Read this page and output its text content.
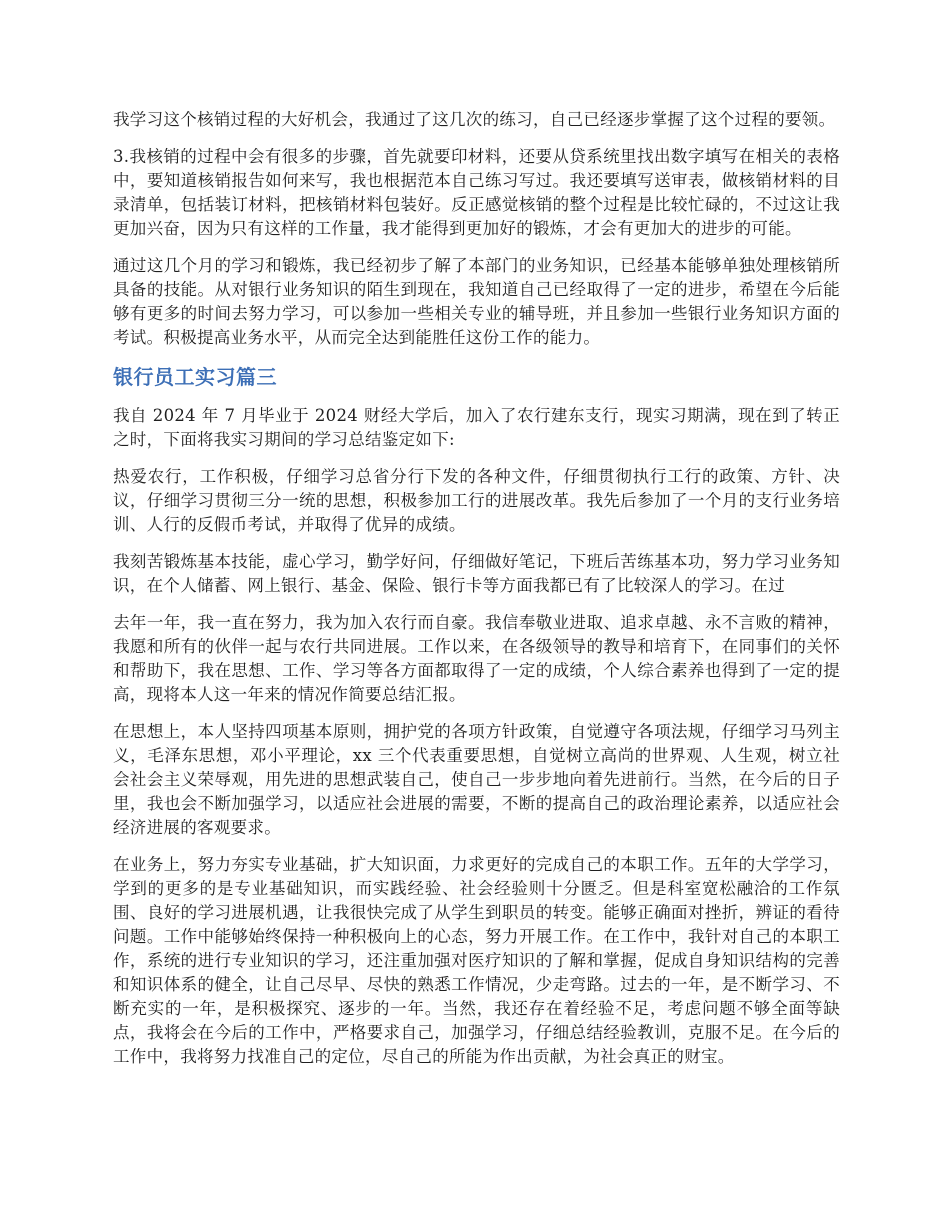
我学习这个核销过程的大好机会，我通过了这几次的练习，自己已经逐步掌握了这个过程的要领。

3.我核销的过程中会有很多的步骤，首先就要印材料，还要从贷系统里找出数字填写在相关的表格中，要知道核销报告如何来写，我也根据范本自己练习写过。我还要填写送审表，做核销材料的目录清单，包括装订材料，把核销材料包装好。反正感觉核销的整个过程是比较忙碌的，不过这让我更加兴奋，因为只有这样的工作量，我才能得到更加好的锻炼，才会有更加大的进步的可能。

通过这几个月的学习和锻炼，我已经初步了解了本部门的业务知识，已经基本能够单独处理核销所具备的技能。从对银行业务知识的陌生到现在，我知道自己已经取得了一定的进步，希望在今后能够有更多的时间去努力学习，可以参加一些相关专业的辅导班，并且参加一些银行业务知识方面的考试。积极提高业务水平，从而完全达到能胜任这份工作的能力。

银行员工实习篇三

我自 2024 年 7 月毕业于 2024 财经大学后，加入了农行建东支行，现实习期满，现在到了转正之时，下面将我实习期间的学习总结鉴定如下:

热爱农行，工作积极，仔细学习总省分行下发的各种文件，仔细贯彻执行工行的政策、方针、决议，仔细学习贯彻三分一统的思想，积极参加工行的进展改革。我先后参加了一个月的支行业务培训、人行的反假币考试，并取得了优异的成绩。

我刻苦锻炼基本技能，虚心学习，勤学好问，仔细做好笔记，下班后苦练基本功，努力学习业务知识，在个人储蓄、网上银行、基金、保险、银行卡等方面我都已有了比较深人的学习。在过

去年一年，我一直在努力，我为加入农行而自豪。我信奉敬业进取、追求卓越、永不言败的精神，我愿和所有的伙伴一起与农行共同进展。工作以来，在各级领导的教导和培育下，在同事们的关怀和帮助下，我在思想、工作、学习等各方面都取得了一定的成绩，个人综合素养也得到了一定的提高，现将本人这一年来的情况作简要总结汇报。

在思想上，本人坚持四项基本原则，拥护党的各项方针政策，自觉遵守各项法规，仔细学习马列主义，毛泽东思想，邓小平理论，xx 三个代表重要思想，自觉树立高尚的世界观、人生观，树立社会社会主义荣辱观，用先进的思想武装自己，使自己一步步地向着先进前行。当然，在今后的日子里，我也会不断加强学习，以适应社会进展的需要，不断的提高自己的政治理论素养，以适应社会经济进展的客观要求。

在业务上，努力夯实专业基础，扩大知识面，力求更好的完成自己的本职工作。五年的大学学习，学到的更多的是专业基础知识，而实践经验、社会经验则十分匮乏。但是科室宽松融洽的工作氛围、良好的学习进展机遇，让我很快完成了从学生到职员的转变。能够正确面对挫折，辨证的看待问题。工作中能够始终保持一种积极向上的心态，努力开展工作。在工作中，我针对自己的本职工作，系统的进行专业知识的学习，还注重加强对医疗知识的了解和掌握，促成自身知识结构的完善和知识体系的健全，让自己尽早、尽快的熟悉工作情况，少走弯路。过去的一年，是不断学习、不断充实的一年，是积极探究、逐步的一年。当然，我还存在着经验不足，考虑问题不够全面等缺点，我将会在今后的工作中，严格要求自己，加强学习，仔细总结经验教训，克服不足。在今后的工作中，我将努力找准自己的定位，尽自己的所能为作出贡献，为社会真正的财宝。
